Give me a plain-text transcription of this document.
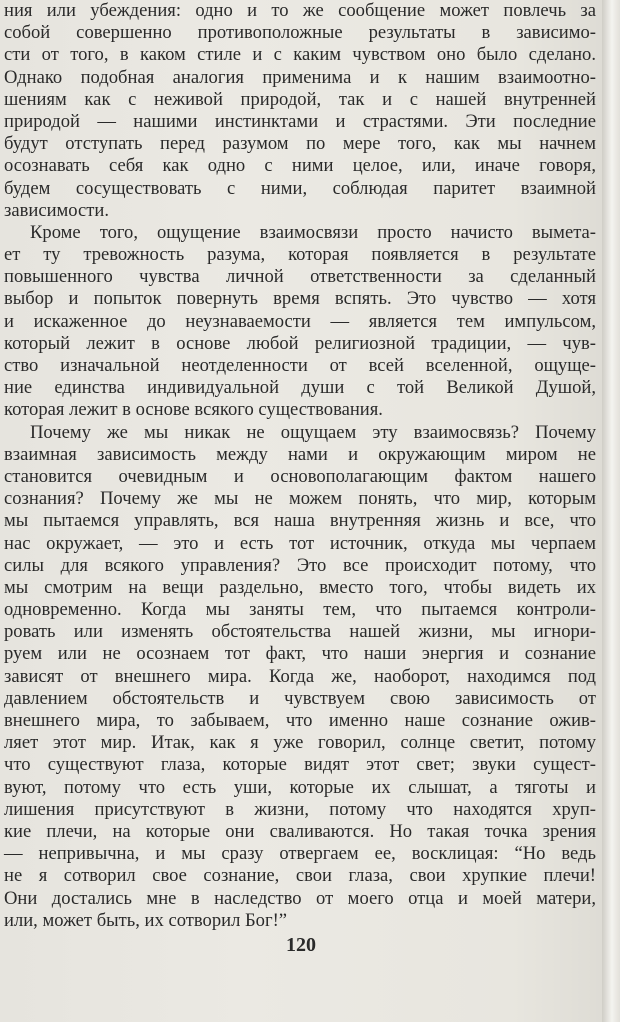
ния или убеждения: одно и то же сообщение может повлечь за
собой совершенно противоположные результаты в зависимо-
сти от того, в каком стиле и с каким чувством оно было сделано.
Однако подобная аналогия применима и к нашим взаимоотно-
шениям как с неживой природой, так и с нашей внутренней
природой — нашими инстинктами и страстями. Эти последние
будут отступать перед разумом по мере того, как мы начнем
осознавать себя как одно с ними целое, или, иначе говоря,
будем сосуществовать с ними, соблюдая паритет взаимной
зависимости.
Кроме того, ощущение взаимосвязи просто начисто вымета-
ет ту тревожность разума, которая появляется в результате
повышенного чувства личной ответственности за сделанный
выбор и попыток повернуть время вспять. Это чувство — хотя
и искаженное до неузнаваемости — является тем импульсом,
который лежит в основе любой религиозной традиции, — чув-
ство изначальной неотделенности от всей вселенной, ощуще-
ние единства индивидуальной души с той Великой Душой,
которая лежит в основе всякого существования.
Почему же мы никак не ощущаем эту взаимосвязь? Почему
взаимная зависимость между нами и окружающим миром не
становится очевидным и основополагающим фактом нашего
сознания? Почему же мы не можем понять, что мир, которым
мы пытаемся управлять, вся наша внутренняя жизнь и все, что
нас окружает, — это и есть тот источник, откуда мы черпаем
силы для всякого управления? Это все происходит потому, что
мы смотрим на вещи раздельно, вместо того, чтобы видеть их
одновременно. Когда мы заняты тем, что пытаемся контроли-
ровать или изменять обстоятельства нашей жизни, мы игнори-
руем или не осознаем тот факт, что наши энергия и сознание
зависят от внешнего мира. Когда же, наоборот, находимся под
давлением обстоятельств и чувствуем свою зависимость от
внешнего мира, то забываем, что именно наше сознание ожив-
ляет этот мир. Итак, как я уже говорил, солнце светит, потому
что существуют глаза, которые видят этот свет; звуки сущест-
вуют, потому что есть уши, которые их слышат, а тяготы и
лишения присутствуют в жизни, потому что находятся хруп-
кие плечи, на которые они сваливаются. Но такая точка зрения
— непривычна, и мы сразу отвергаем ее, восклицая: “Но ведь
не я сотворил свое сознание, свои глаза, свои хрупкие плечи!
Они достались мне в наследство от моего отца и моей матери,
или, может быть, их сотворил Бог!”
120
